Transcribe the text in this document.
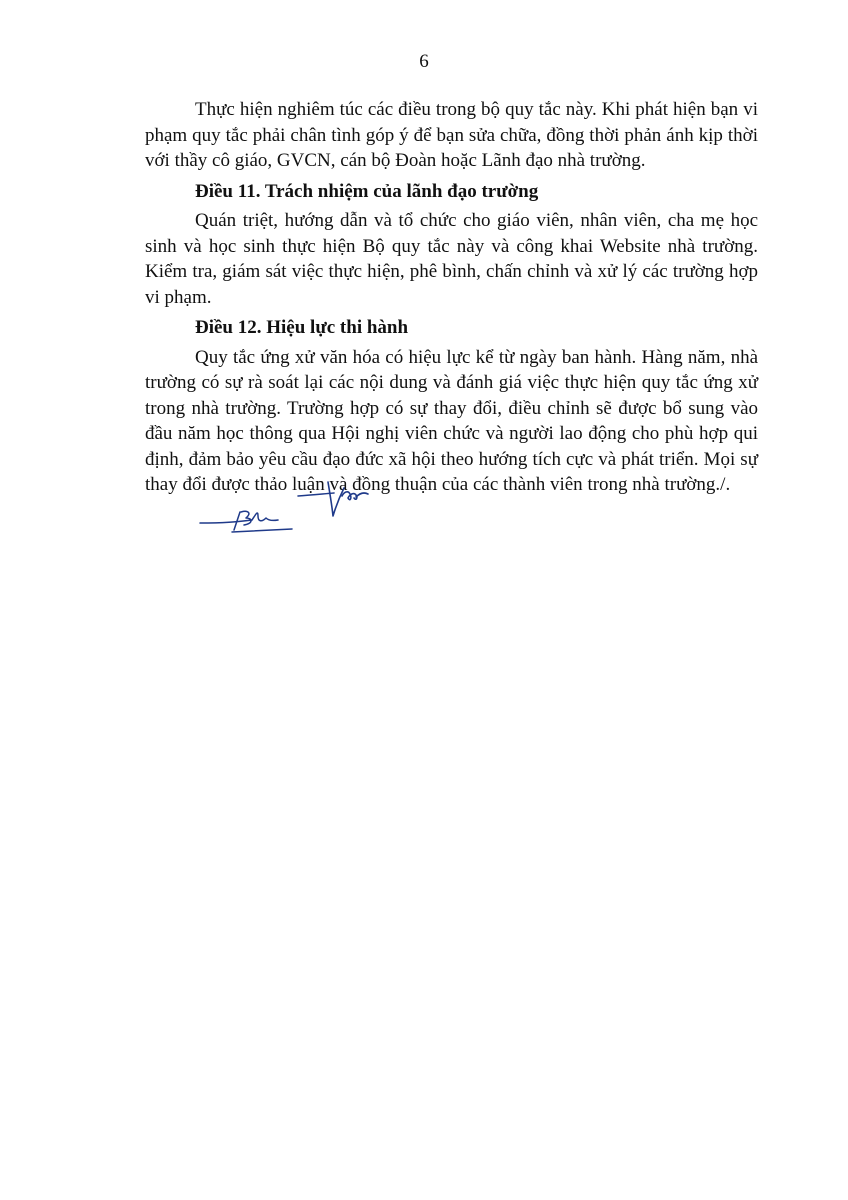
6

Thực hiện nghiêm túc các điều trong bộ quy tắc này. Khi phát hiện bạn vi phạm quy tắc phải chân tình góp ý để bạn sửa chữa, đồng thời phản ánh kịp thời với thầy cô giáo, GVCN, cán bộ Đoàn hoặc Lãnh đạo nhà trường.

Điều 11. Trách nhiệm của lãnh đạo trường

Quán triệt, hướng dẫn và tổ chức cho giáo viên, nhân viên, cha mẹ học sinh và học sinh thực hiện Bộ quy tắc này và công khai Website nhà trường. Kiểm tra, giám sát việc thực hiện, phê bình, chấn chỉnh và xử lý các trường hợp vi phạm.

Điều 12. Hiệu lực thi hành

Quy tắc ứng xử văn hóa có hiệu lực kể từ ngày ban hành. Hàng năm, nhà trường có sự rà soát lại các nội dung và đánh giá việc thực hiện quy tắc ứng xử trong nhà trường. Trường hợp có sự thay đổi, điều chỉnh sẽ được bổ sung vào đầu năm học thông qua Hội nghị viên chức và người lao động cho phù hợp qui định, đảm bảo yêu cầu đạo đức xã hội theo hướng tích cực và phát triển. Mọi sự thay đổi được thảo luận và đồng thuận của các thành viên trong nhà trường./.
